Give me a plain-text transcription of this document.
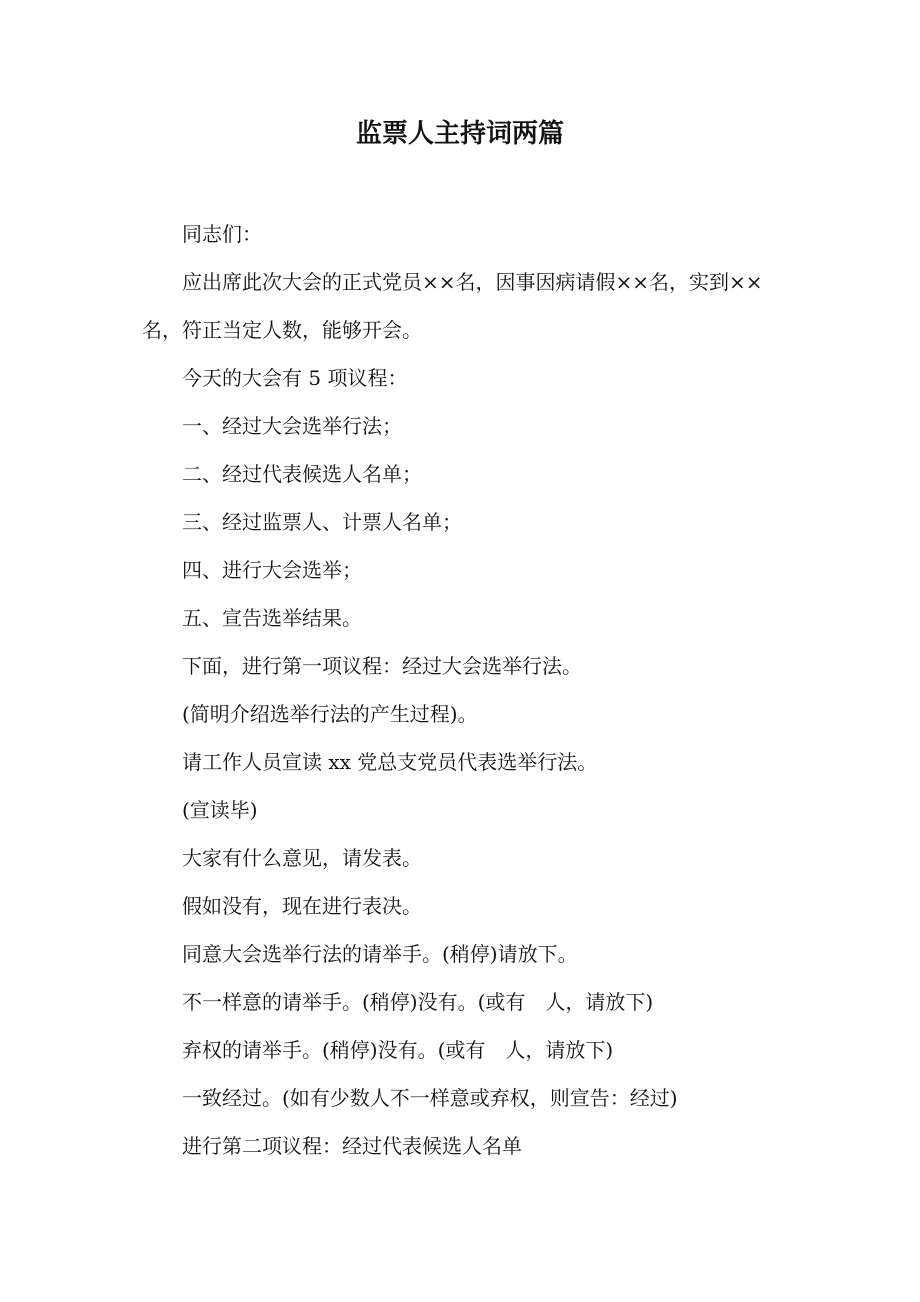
监票人主持词两篇

同志们：

应出席此次大会的正式党员××名，因事因病请假××名，实到××名，符正当定人数，能够开会。

今天的大会有 5 项议程：

一、经过大会选举行法；

二、经过代表候选人名单；

三、经过监票人、计票人名单；

四、进行大会选举；

五、宣告选举结果。

下面，进行第一项议程：经过大会选举行法。

(简明介绍选举行法的产生过程)。

请工作人员宣读 xx 党总支党员代表选举行法。

(宣读毕)

大家有什么意见，请发表。

假如没有，现在进行表决。

同意大会选举行法的请举手。(稍停)请放下。

不一样意的请举手。(稍停)没有。(或有　人，请放下)

弃权的请举手。(稍停)没有。(或有　人，请放下)

一致经过。(如有少数人不一样意或弃权，则宣告：经过)

进行第二项议程：经过代表候选人名单
